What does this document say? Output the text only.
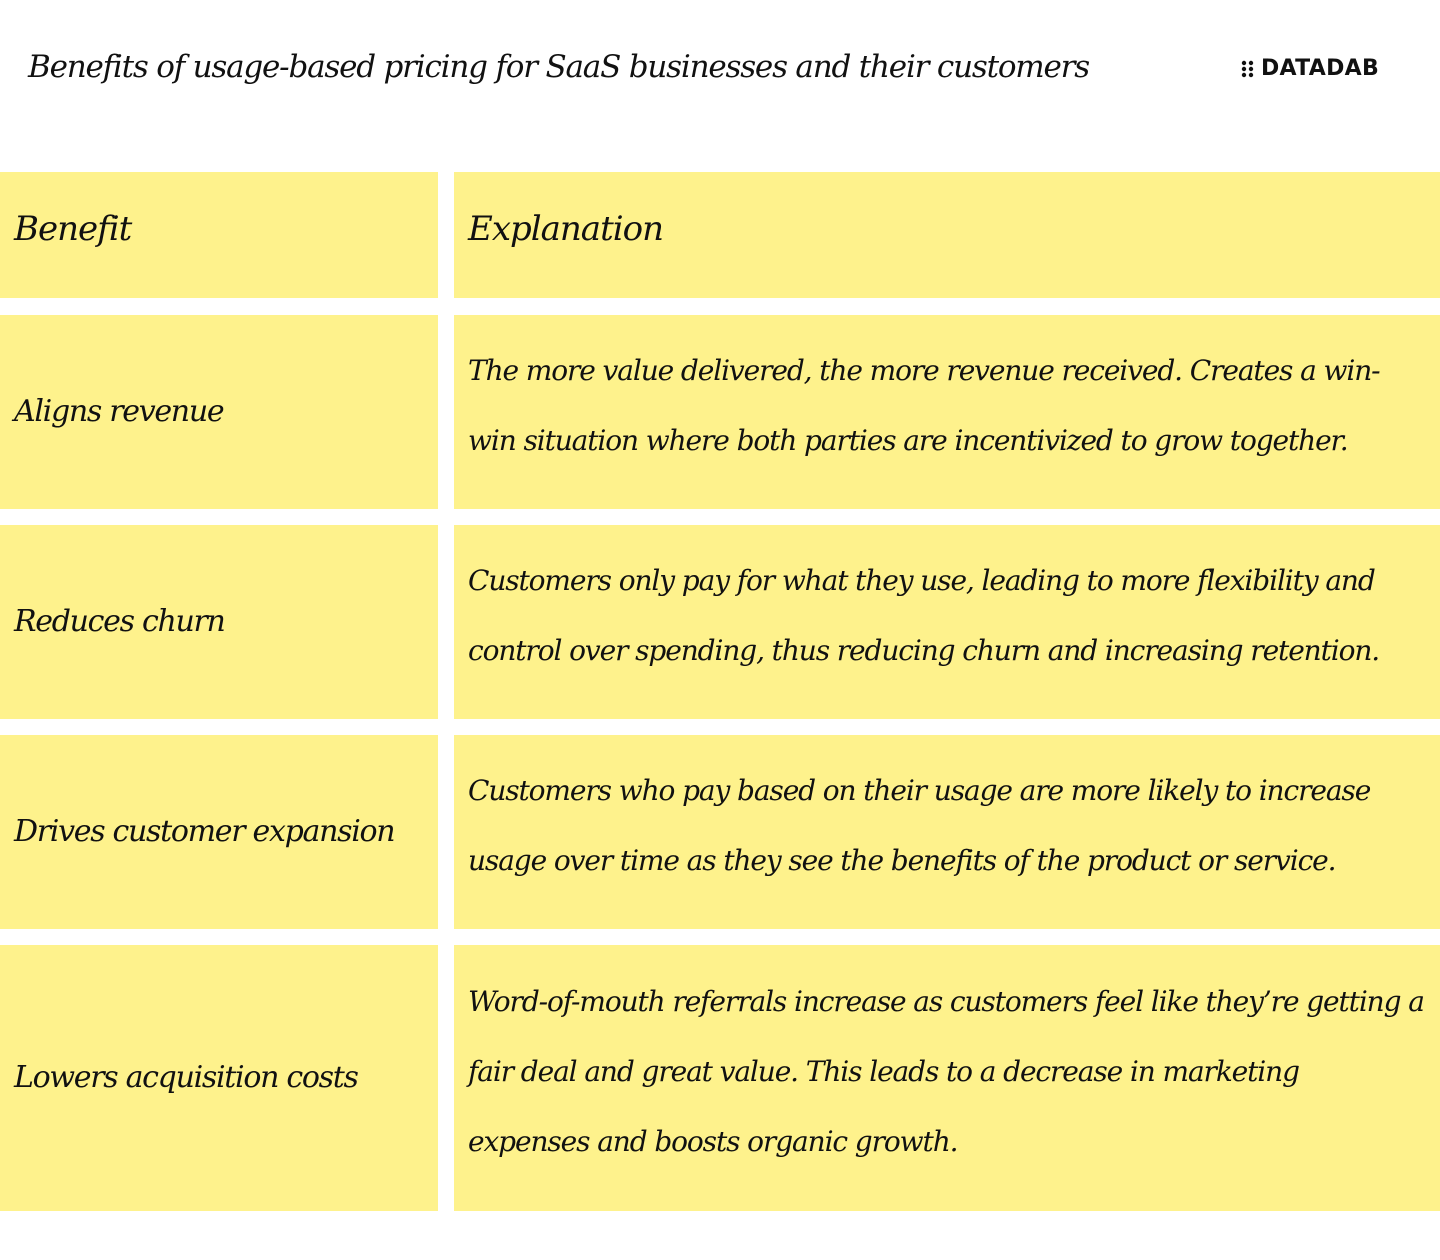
Benefits of usage-based pricing for SaaS businesses and their customers	DATADAB
Benefit	Explanation
Aligns revenue
The more value delivered, the more revenue received. Creates a win-win situation where both parties are incentivized to grow together.
Reduces churn
Customers only pay for what they use, leading to more flexibility and control over spending, thus reducing churn and increasing retention.
Drives customer expansion
Customers who pay based on their usage are more likely to increase usage over time as they see the benefits of the product or service.
Lowers acquisition costs
Word-of-mouth referrals increase as customers feel like they’re getting a fair deal and great value. This leads to a decrease in marketing expenses and boosts organic growth.
